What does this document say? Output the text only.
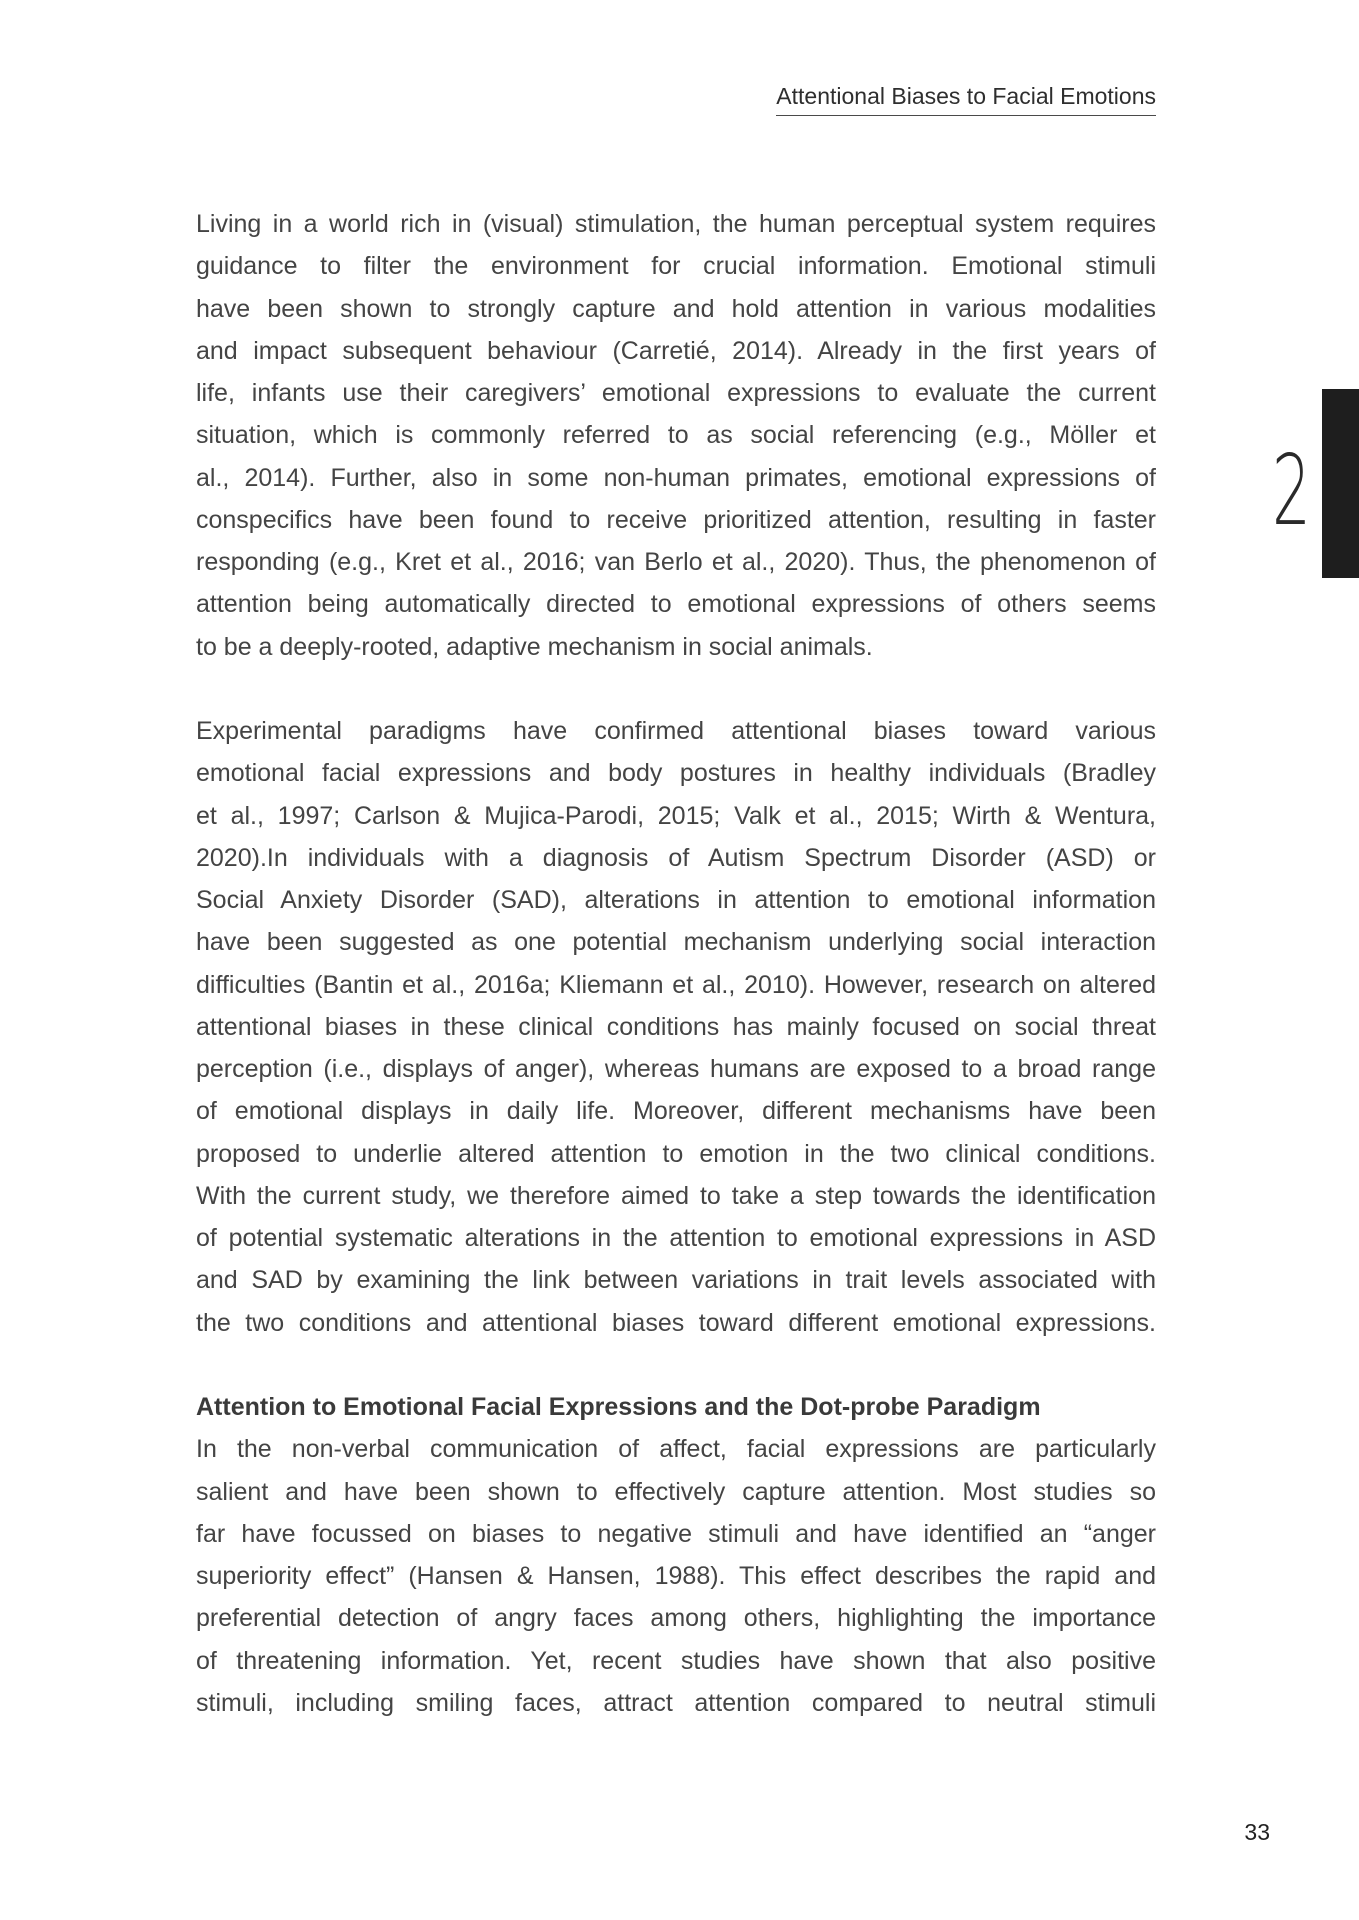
Attentional Biases to Facial Emotions
2
Living in a world rich in (visual) stimulation, the human perceptual system requires
guidance to filter the environment for crucial information. Emotional stimuli
have been shown to strongly capture and hold attention in various modalities
and impact subsequent behaviour (Carretié, 2014). Already in the first years of
life, infants use their caregivers’ emotional expressions to evaluate the current
situation, which is commonly referred to as social referencing (e.g., Möller et
al., 2014). Further, also in some non-human primates, emotional expressions of
conspecifics have been found to receive prioritized attention, resulting in faster
responding (e.g., Kret et al., 2016; van Berlo et al., 2020). Thus, the phenomenon of
attention being automatically directed to emotional expressions of others seems
to be a deeply-rooted, adaptive mechanism in social animals.
Experimental paradigms have confirmed attentional biases toward various
emotional facial expressions and body postures in healthy individuals (Bradley
et al., 1997; Carlson & Mujica-Parodi, 2015; Valk et al., 2015; Wirth & Wentura,
2020).In individuals with a diagnosis of Autism Spectrum Disorder (ASD) or
Social Anxiety Disorder (SAD), alterations in attention to emotional information
have been suggested as one potential mechanism underlying social interaction
difficulties (Bantin et al., 2016a; Kliemann et al., 2010). However, research on altered
attentional biases in these clinical conditions has mainly focused on social threat
perception (i.e., displays of anger), whereas humans are exposed to a broad range
of emotional displays in daily life. Moreover, different mechanisms have been
proposed to underlie altered attention to emotion in the two clinical conditions.
With the current study, we therefore aimed to take a step towards the identification
of potential systematic alterations in the attention to emotional expressions in ASD
and SAD by examining the link between variations in trait levels associated with
the two conditions and attentional biases toward different emotional expressions.
Attention to Emotional Facial Expressions and the Dot-probe Paradigm
In the non-verbal communication of affect, facial expressions are particularly
salient and have been shown to effectively capture attention. Most studies so
far have focussed on biases to negative stimuli and have identified an “anger
superiority effect” (Hansen & Hansen, 1988). This effect describes the rapid and
preferential detection of angry faces among others, highlighting the importance
of threatening information. Yet, recent studies have shown that also positive
stimuli, including smiling faces, attract attention compared to neutral stimuli
33
